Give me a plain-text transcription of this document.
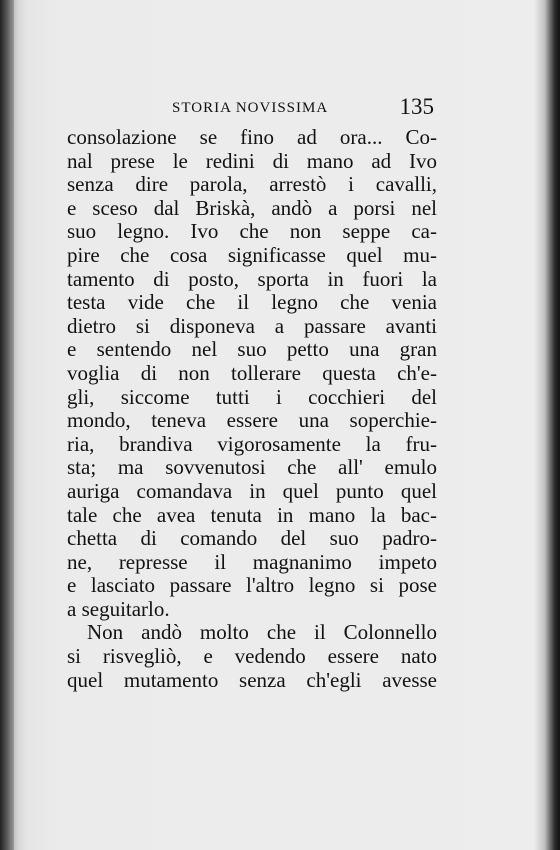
STORIA NOVISSIMA	135
consolazione se fino ad ora... Co-
nal prese le redini di mano ad Ivo
senza dire parola, arrestò i cavalli,
e sceso dal Briskà, andò a porsi nel
suo legno. Ivo che non seppe ca-
pire che cosa significasse quel mu-
tamento di posto, sporta in fuori la
testa vide che il legno che venia
dietro si disponeva a passare avanti
e sentendo nel suo petto una gran
voglia di non tollerare questa ch'e-
gli, siccome tutti i cocchieri del
mondo, teneva essere una soperchie-
ria, brandiva vigorosamente la fru-
sta; ma sovvenutosi che all' emulo
auriga comandava in quel punto quel
tale che avea tenuta in mano la bac-
chetta di comando del suo padro-
ne, represse il magnanimo impeto
e lasciato passare l'altro legno si pose
a seguitarlo.
Non andò molto che il Colonnello
si risvegliò, e vedendo essere nato
quel mutamento senza ch'egli avesse
